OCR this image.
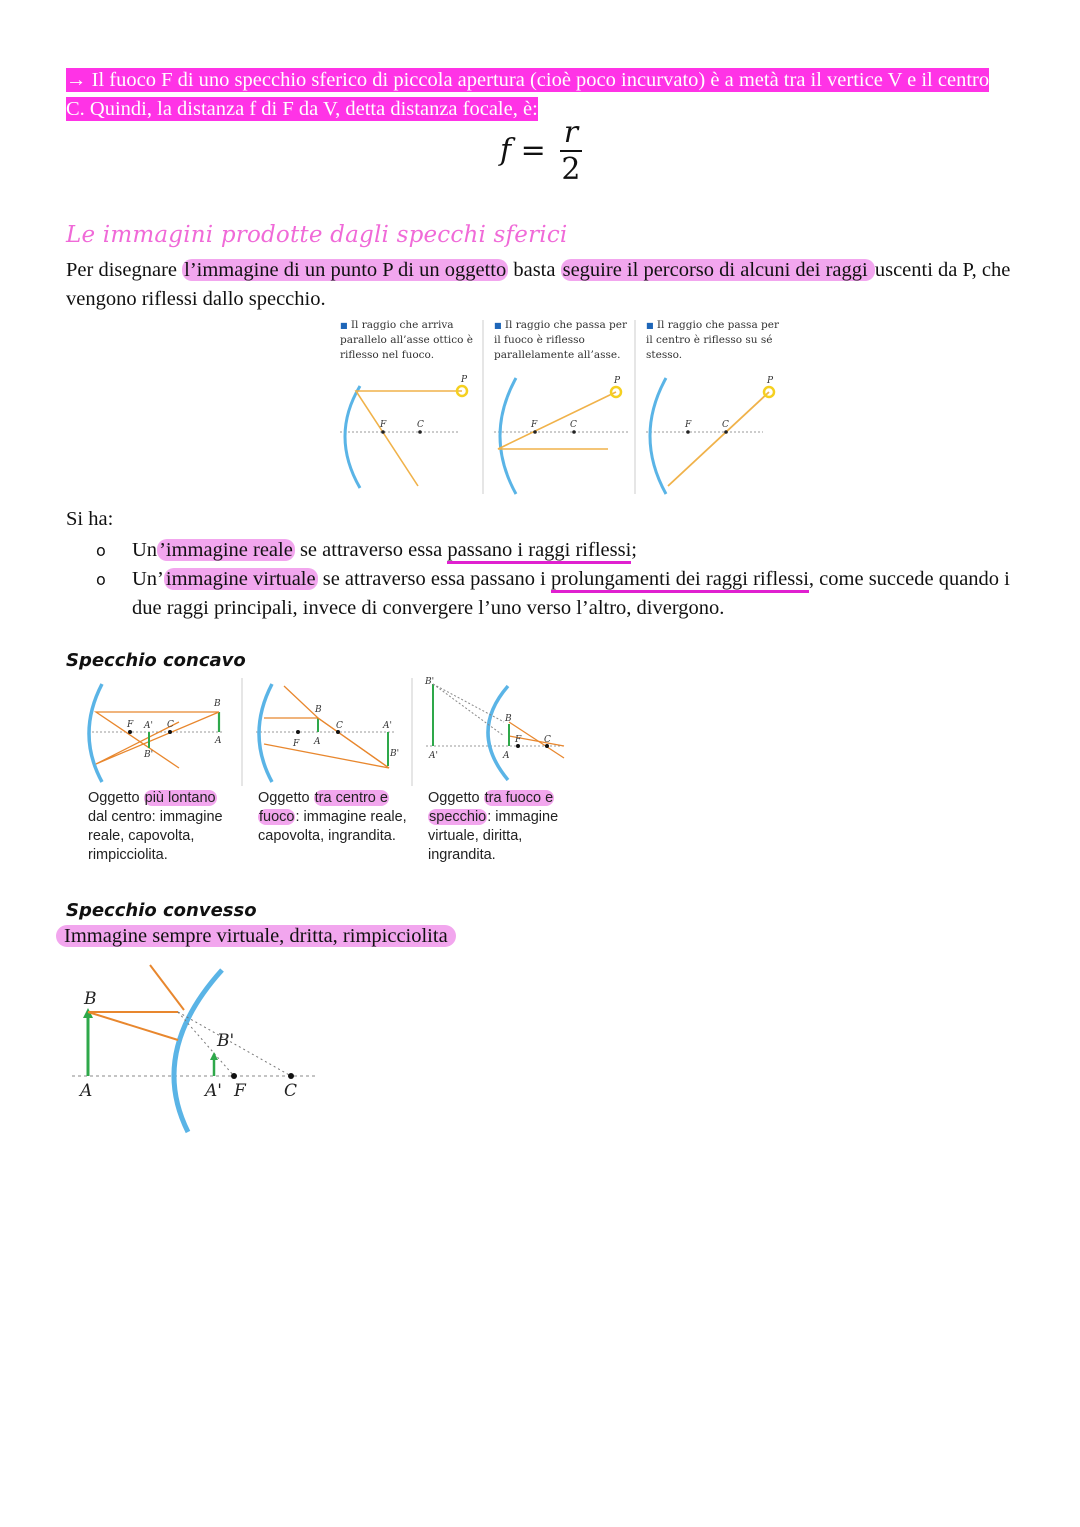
→ Il fuoco F di uno specchio sferico di piccola apertura (cioè poco incurvato) è a metà tra il vertice V e il centro C. Quindi, la distanza f di F da V, detta distanza focale, è:
$f = \frac{r}{2}$
Le immagini prodotte dagli specchi sferici
Per disegnare l’immagine di un punto P di un oggetto basta seguire il percorso di alcuni dei raggi uscenti da P, che vengono riflessi dallo specchio.
■ Il raggio che arriva parallelo all’asse ottico è riflesso nel fuoco.
■ Il raggio che passa per il fuoco è riflesso parallelamente all’asse.
■ Il raggio che passa per il centro è riflesso su sé stesso.
P
F	C
P
F	C
P
F	C
Si ha:
o Un’immagine reale se attraverso essa passano i raggi riflessi;
o Un’immagine virtuale se attraverso essa passano i prolungamenti dei raggi riflessi, come succede quando i due raggi principali, invece di convergere l’uno verso l’altro, divergono.
Specchio concavo
B
F A' C
B'
A
B
C	A'
F A
B'
B'
B
F	C
A'	A
Oggetto più lontano dal centro: immagine reale, capovolta, rimpicciolita.
Oggetto tra centro e fuoco: immagine reale, capovolta, ingrandita.
Oggetto tra fuoco e specchio: immagine virtuale, diritta, ingrandita.
Specchio convesso
Immagine sempre virtuale, dritta, rimpicciolita
B
A
B'
A' F C
